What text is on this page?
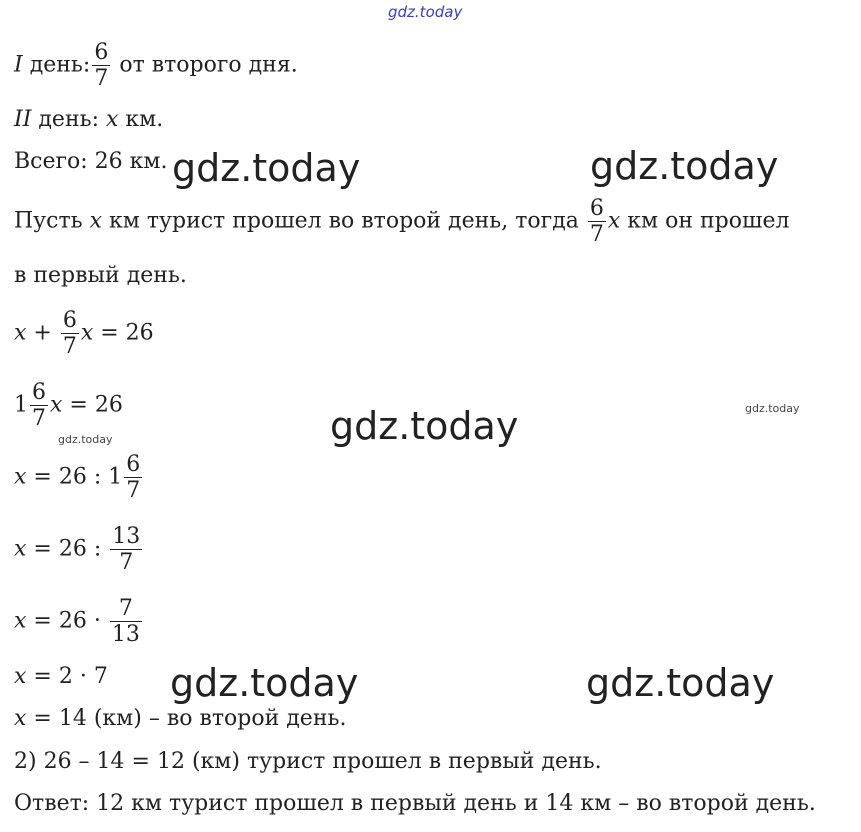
gdz.today
gdz.today	gdz.today
gdz.today
gdz.today	gdz.today
gdz.today
gdz.today
I день: $\frac{6}{7}$ от второго дня.
II день: x км.
Всего: 26 км.
Пусть x км турист прошел во второй день, тогда $\frac{6}{7}$ x км он прошел
в первый день.
$x + \frac{6}{7}$ x = 26
$1 \frac{6}{7}$ x = 26
x = 26 : $1 \frac{6}{7}$
x = 26 : $\frac{13}{7}$
$x = 26 \cdot \frac{7}{13}$
x = 2 · 7
x = 14 (км) – во второй день.
2) 26 – 14 = 12 (км) турист прошел в первый день.
Ответ: 12 км турист прошел в первый день и 14 км – во второй день.
